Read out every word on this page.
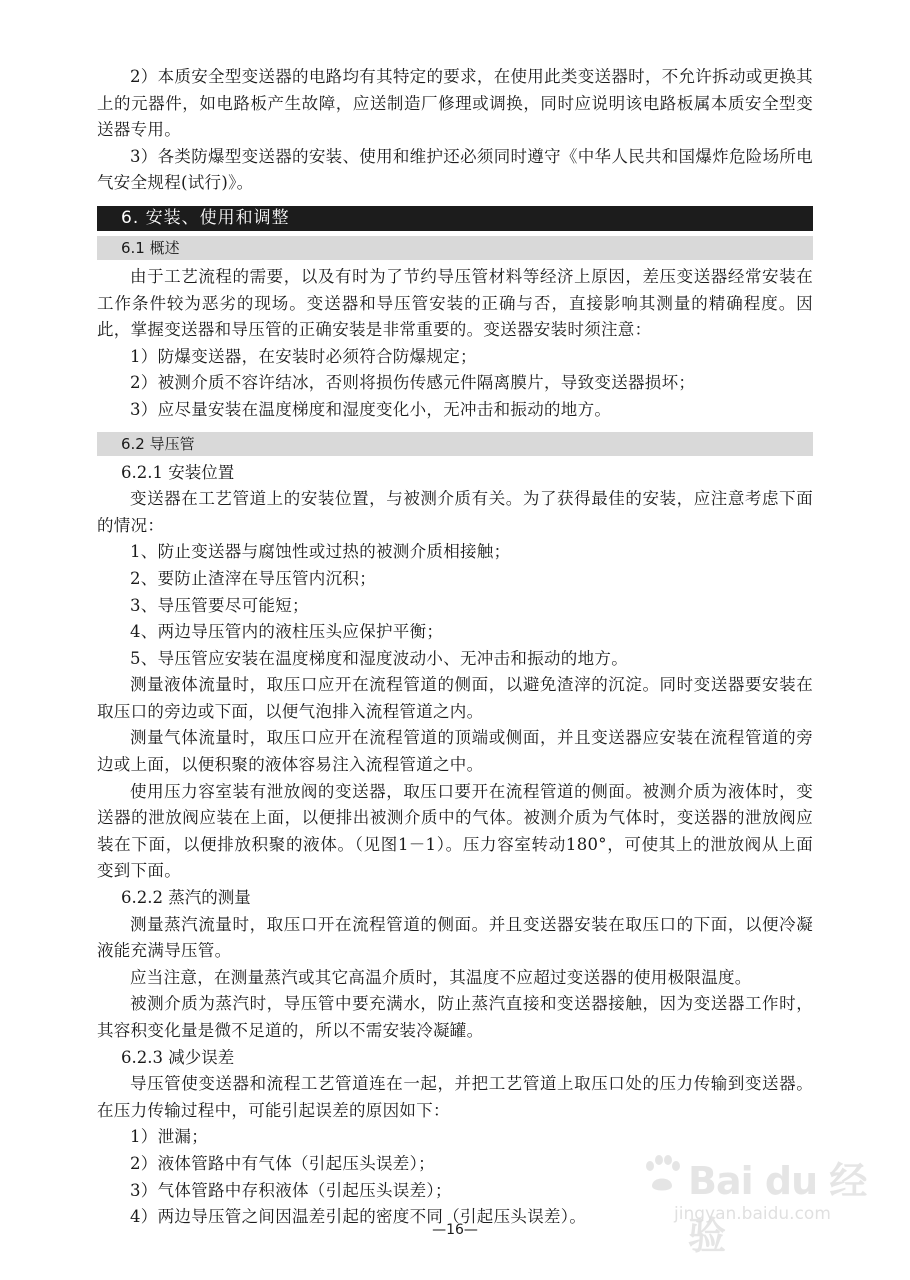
2）本质安全型变送器的电路均有其特定的要求，在使用此类变送器时，不允许拆动或更换其上的元器件，如电路板产生故障，应送制造厂修理或调换，同时应说明该电路板属本质安全型变送器专用。

3）各类防爆型变送器的安装、使用和维护还必须同时遵守《中华人民共和国爆炸危险场所电气安全规程(试行)》。

6. 安装、使用和调整
6.1 概述

由于工艺流程的需要，以及有时为了节约导压管材料等经济上原因，差压变送器经常安装在工作条件较为恶劣的现场。变送器和导压管安装的正确与否，直接影响其测量的精确程度。因此，掌握变送器和导压管的正确安装是非常重要的。变送器安装时须注意：

1）防爆变送器，在安装时必须符合防爆规定；

2）被测介质不容许结冰，否则将损伤传感元件隔离膜片，导致变送器损坏；

3）应尽量安装在温度梯度和湿度变化小，无冲击和振动的地方。

6.2 导压管

6.2.1 安装位置

变送器在工艺管道上的安装位置，与被测介质有关。为了获得最佳的安装，应注意考虑下面的情况：

1、防止变送器与腐蚀性或过热的被测介质相接触；

2、要防止渣滓在导压管内沉积；

3、导压管要尽可能短；

4、两边导压管内的液柱压头应保护平衡；

5、导压管应安装在温度梯度和湿度波动小、无冲击和振动的地方。

测量液体流量时，取压口应开在流程管道的侧面，以避免渣滓的沉淀。同时变送器要安装在取压口的旁边或下面，以便气泡排入流程管道之内。

测量气体流量时，取压口应开在流程管道的顶端或侧面，并且变送器应安装在流程管道的旁边或上面，以便积聚的液体容易注入流程管道之中。

使用压力容室装有泄放阀的变送器，取压口要开在流程管道的侧面。被测介质为液体时，变送器的泄放阀应装在上面，以便排出被测介质中的气体。被测介质为气体时，变送器的泄放阀应装在下面，以便排放积聚的液体。（见图1－1）。压力容室转动180°，可使其上的泄放阀从上面变到下面。

6.2.2 蒸汽的测量

测量蒸汽流量时，取压口开在流程管道的侧面。并且变送器安装在取压口的下面，以便冷凝液能充满导压管。

应当注意，在测量蒸汽或其它高温介质时，其温度不应超过变送器的使用极限温度。

被测介质为蒸汽时，导压管中要充满水，防止蒸汽直接和变送器接触，因为变送器工作时，其容积变化量是微不足道的，所以不需安装冷凝罐。

6.2.3 减少误差

导压管使变送器和流程工艺管道连在一起，并把工艺管道上取压口处的压力传输到变送器。在压力传输过程中，可能引起误差的原因如下：

1）泄漏；

2）液体管路中有气体（引起压头误差）；

3）气体管路中存积液体（引起压头误差）；

4）两边导压管之间因温差引起的密度不同（引起压头误差）。

Bai du 经验
jingyan.baidu.com
—16—
